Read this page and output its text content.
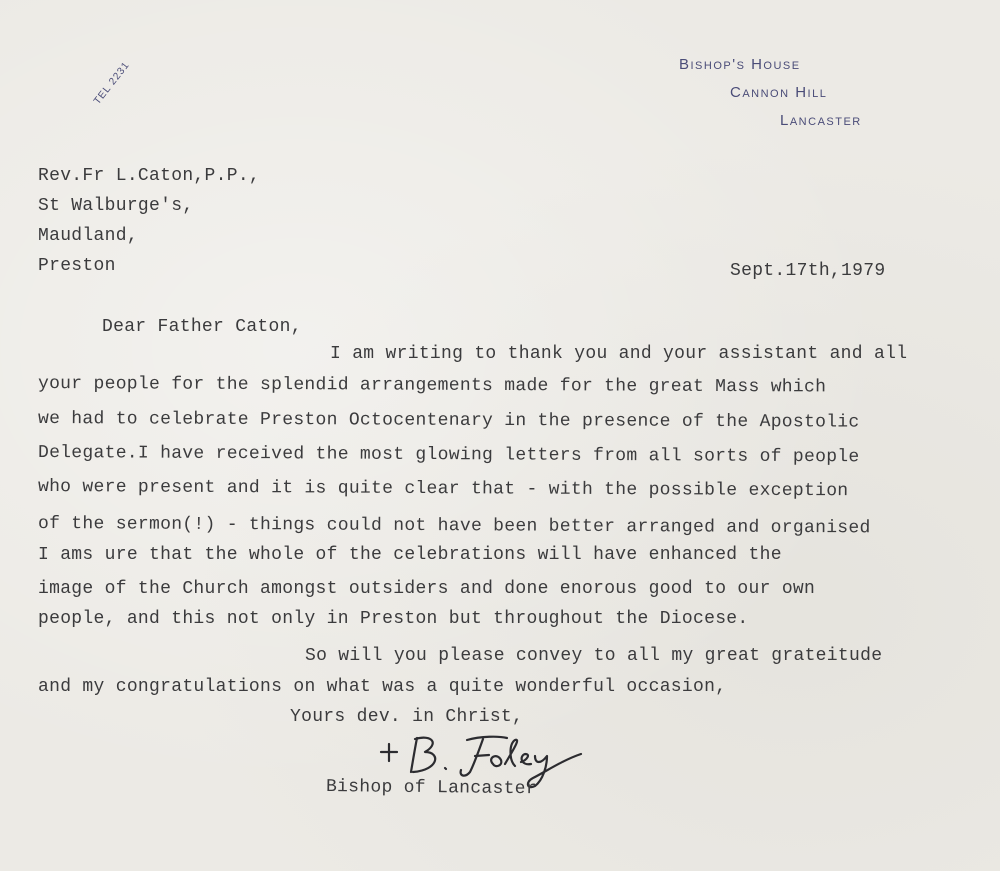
Bishop's House
Cannon Hill
Lancaster
TEL 2231
Rev.Fr L.Caton,P.P.,
St Walburge's,
Maudland,
Preston	Sept.17th,1979
Dear Father Caton,
I am writing to thank you and your assistant and all
your people for the splendid arrangements made for the great Mass which
we had to celebrate Preston Octocentenary in the presence of the Apostolic
Delegate.I have received the most glowing letters from all sorts of people
who were present and it is quite clear that - with the possible exception
of the sermon(!) - things could not have been better arranged and organised
I ams ure that the whole of the celebrations will have enhanced the
image of the Church amongst outsiders and done enorous good to our own
people, and this not only in Preston but throughout the Diocese.
So will you please convey to all my great grateitude
and my congratulations on what was a quite wonderful occasion,
Yours dev. in Christ,
Bishop of Lancaster
